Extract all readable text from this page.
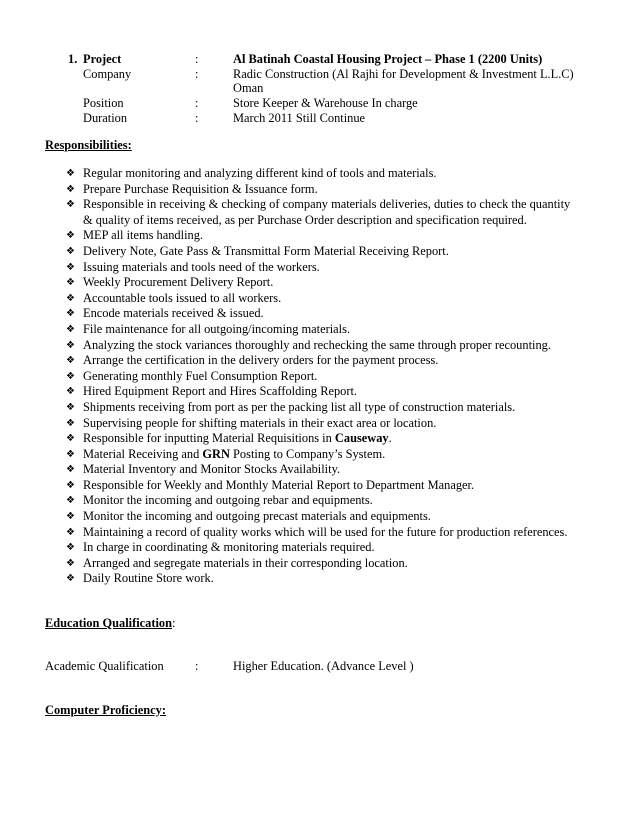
1. Project	:	Al Batinah Coastal Housing Project – Phase 1 (2200 Units)
Company	:	Radic Construction (Al Rajhi for Development & Investment L.L.C)
Oman
Position	:	Store Keeper & Warehouse In charge
Duration	:	March 2011 Still Continue
Responsibilities:
❖ Regular monitoring and analyzing different kind of tools and materials.
❖ Prepare Purchase Requisition & Issuance form.
❖ Responsible in receiving & checking of company materials deliveries, duties to check the quantity
& quality of items received, as per Purchase Order description and specification required.
❖ MEP all items handling.
❖ Delivery Note, Gate Pass & Transmittal Form Material Receiving Report.
❖ Issuing materials and tools need of the workers.
❖ Weekly Procurement Delivery Report.
❖ Accountable tools issued to all workers.
❖ Encode materials received & issued.
❖ File maintenance for all outgoing/incoming materials.
❖ Analyzing the stock variances thoroughly and rechecking the same through proper recounting.
❖ Arrange the certification in the delivery orders for the payment process.
❖ Generating monthly Fuel Consumption Report.
❖ Hired Equipment Report and Hires Scaffolding Report.
❖ Shipments receiving from port as per the packing list all type of construction materials.
❖ Supervising people for shifting materials in their exact area or location.
❖ Responsible for inputting Material Requisitions in Causeway.
❖ Material Receiving and GRN Posting to Company’s System.
❖ Material Inventory and Monitor Stocks Availability.
❖ Responsible for Weekly and Monthly Material Report to Department Manager.
❖ Monitor the incoming and outgoing rebar and equipments.
❖ Monitor the incoming and outgoing precast materials and equipments.
❖ Maintaining a record of quality works which will be used for the future for production references.
❖ In charge in coordinating & monitoring materials required.
❖ Arranged and segregate materials in their corresponding location.
❖ Daily Routine Store work.
Education Qualification:
Academic Qualification	:	Higher Education. (Advance Level )
Computer Proficiency:
